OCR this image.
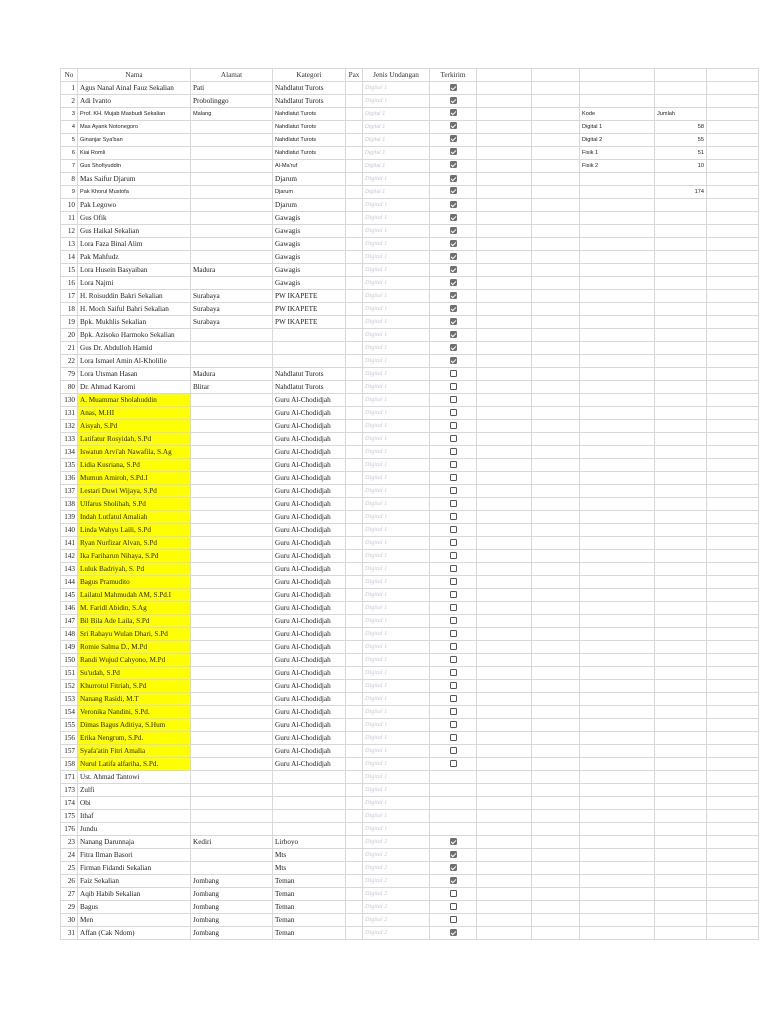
No	Nama	Alamat	Kategori	Pax	Jenis Undangan	Terkirim					
1	Agus Nanal Ainal Fauz Sekalian	Pati	Nahdlatut Turots		Digital 1						
2	Adi Ivanto	Probolinggo	Nahdlatut Turots		Digital 1						
3	Prof. KH. Mujab Masbudi Sekalian	Malang	Nahdlatut Turots		Digital 1				Kode	Jumlah	
4	Mas Ayank Notonegoro		Nahdlatut Turots		Digital 1				Digital 1	58	
5	Ginanjar Sya'ban		Nahdlatut Turots		Digital 1				Digital 2	55	
6	Kiai Romli		Nahdlatut Turots		Digital 1				Fisik 1	51	
7	Gus Shofiyuddin		Al-Ma'ruf		Digital 1				Fisik 2	10	
8	Mas Saifur Djarum		Djarum		Digital 1						
9	Pak Khorul Mustofa		Djarum		Digital 1					174	
10	Pak Legowo		Djarum		Digital 1						
11	Gus Ofik		Gawagis		Digital 1						
12	Gus Haikal Sekalian		Gawagis		Digital 1						
13	Lora Faza Binal Alim		Gawagis		Digital 1						
14	Pak Mahfudz		Gawagis		Digital 1						
15	Lora Husein Basyaiban	Madura	Gawagis		Digital 1						
16	Lora Najmi		Gawagis		Digital 1						
17	H. Roisuddin Bakri Sekalian	Surabaya	PW IKAPETE		Digital 1						
18	H. Moch Saiful Bahri Sekalian	Surabaya	PW IKAPETE		Digital 1						
19	Bpk. Mukhlis Sekalian	Surabaya	PW IKAPETE		Digital 1						
20	Bpk. Azisoko Harmoko Sekalian				Digital 1						
21	Gus Dr. Abdulloh Hamid				Digital 1						
22	Lora Ismael Amin Al-Kholilie				Digital 1						
79	Lora Utsman Hasan	Madura	Nahdlatut Turots		Digital 1						
80	Dr. Ahmad Karomi	Blitar	Nahdlatut Turots		Digital 1						
130	A. Muammar Sholahuddin		Guru Al-Chodidjah		Digital 1						
131	Anas, M.HI		Guru Al-Chodidjah		Digital 1						
132	Aisyah, S.Pd		Guru Al-Chodidjah		Digital 1						
133	Latifatur Rosyidah, S.Pd		Guru Al-Chodidjah		Digital 1						
134	Iswatun Arvi'ah Nawafila, S.Ag		Guru Al-Chodidjah		Digital 1						
135	Lidia Kusriana, S.Pd		Guru Al-Chodidjah		Digital 1						
136	Mumun Amiroh, S.Pd.I		Guru Al-Chodidjah		Digital 1						
137	Lestari Duwi Wijaya, S.Pd		Guru Al-Chodidjah		Digital 1						
138	Ulfarus Sholihah, S.Pd		Guru Al-Chodidjah		Digital 1						
139	Indah Lutfatul Amaliah		Guru Al-Chodidjah		Digital 1						
140	Linda Wahyu Laili, S.Pd		Guru Al-Chodidjah		Digital 1						
141	Ryan Nurfizar Alvan, S.Pd		Guru Al-Chodidjah		Digital 1						
142	Ika Fariharun Nihaya, S.Pd		Guru Al-Chodidjah		Digital 1						
143	Luluk Badriyah, S. Pd		Guru Al-Chodidjah		Digital 1						
144	Bagus Pramudito		Guru Al-Chodidjah		Digital 1						
145	Lailatul Mahmudah AM, S.Pd.I		Guru Al-Chodidjah		Digital 1						
146	M. Faridl Abidin, S.Ag		Guru Al-Chodidjah		Digital 1						
147	Bil Bila Ade Laila, S.Pd		Guru Al-Chodidjah		Digital 1						
148	Sri Rahayu Wulan Dhari, S.Pd		Guru Al-Chodidjah		Digital 1						
149	Romie Salma D., M.Pd		Guru Al-Chodidjah		Digital 1						
150	Randi Wujud Cahyono, M.Pd		Guru Al-Chodidjah		Digital 1						
151	Su'udah, S.Pd		Guru Al-Chodidjah		Digital 1						
152	Khurrotul Fitriah, S.Pd		Guru Al-Chodidjah		Digital 1						
153	Nanang Rasidi, M.T		Guru Al-Chodidjah		Digital 1						
154	Veronika Nandini, S.Pd.		Guru Al-Chodidjah		Digital 1						
155	Dimas Bagus Aditiya, S.Hum		Guru Al-Chodidjah		Digital 1						
156	Erika Nengrum, S.Pd.		Guru Al-Chodidjah		Digital 1						
157	Syafa'atin Fitri Amalia		Guru Al-Chodidjah		Digital 1						
158	Nurul Latifa alfariha, S.Pd.		Guru Al-Chodidjah		Digital 1						
171	Ust. Ahmad Tantowi				Digital 1						
173	Zulfi				Digital 1						
174	Obi				Digital 1						
175	Ithaf				Digital 1						
176	Jundu				Digital 1						
23	Nanang Darunnaja	Kediri	Lirboyo		Digital 2						
24	Fitra Ilman Basori		Mts		Digital 2						
25	Firman Fidandi Sekalian		Mts		Digital 2						
26	Faiz Sekalian	Jombang	Teman		Digital 2						
27	Aqib Habib Sekalian	Jombang	Teman		Digital 2						
29	Bagus	Jombang	Teman		Digital 2						
30	Men	Jombang	Teman		Digital 2						
31	Affan (Cak Ndom)	Jombang	Teman		Digital 2						
